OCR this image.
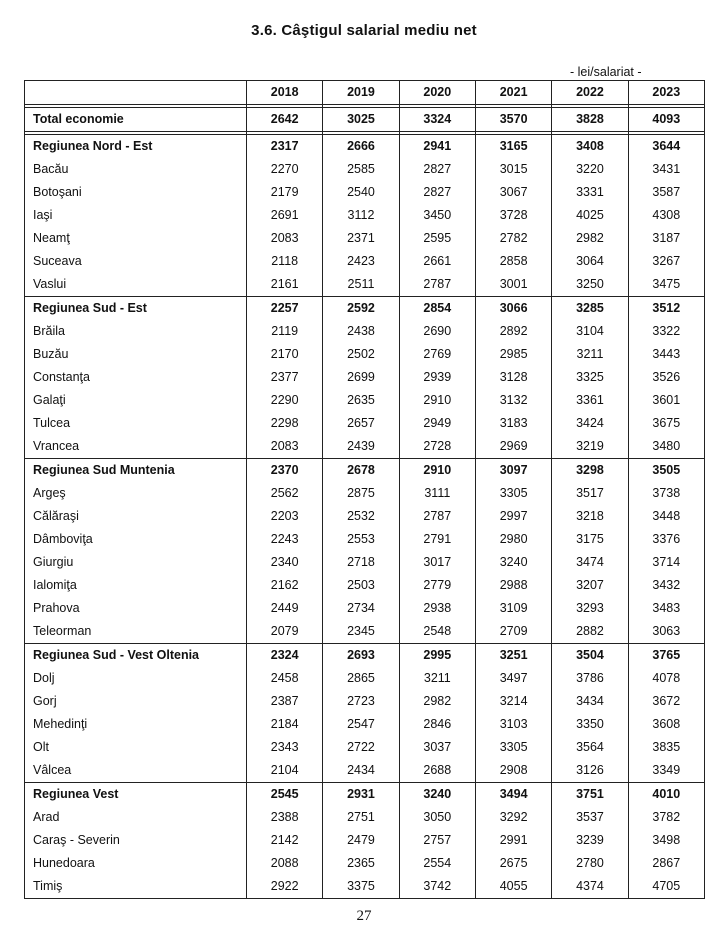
3.6. Câştigul salarial mediu net
- lei/salariat -
	2018	2019	2020	2021	2022	2023

Total economie	2642	3025	3324	3570	3828	4093

Regiunea Nord - Est	2317	2666	2941	3165	3408	3644
Bacău	2270	2585	2827	3015	3220	3431
Botoşani	2179	2540	2827	3067	3331	3587
Iaşi	2691	3112	3450	3728	4025	4308
Neamţ	2083	2371	2595	2782	2982	3187
Suceava	2118	2423	2661	2858	3064	3267
Vaslui	2161	2511	2787	3001	3250	3475
Regiunea Sud - Est	2257	2592	2854	3066	3285	3512
Brăila	2119	2438	2690	2892	3104	3322
Buzău	2170	2502	2769	2985	3211	3443
Constanţa	2377	2699	2939	3128	3325	3526
Galaţi	2290	2635	2910	3132	3361	3601
Tulcea	2298	2657	2949	3183	3424	3675
Vrancea	2083	2439	2728	2969	3219	3480
Regiunea Sud Muntenia	2370	2678	2910	3097	3298	3505
Argeş	2562	2875	3111	3305	3517	3738
Călăraşi	2203	2532	2787	2997	3218	3448
Dâmboviţa	2243	2553	2791	2980	3175	3376
Giurgiu	2340	2718	3017	3240	3474	3714
Ialomiţa	2162	2503	2779	2988	3207	3432
Prahova	2449	2734	2938	3109	3293	3483
Teleorman	2079	2345	2548	2709	2882	3063
Regiunea Sud - Vest Oltenia	2324	2693	2995	3251	3504	3765
Dolj	2458	2865	3211	3497	3786	4078
Gorj	2387	2723	2982	3214	3434	3672
Mehedinţi	2184	2547	2846	3103	3350	3608
Olt	2343	2722	3037	3305	3564	3835
Vâlcea	2104	2434	2688	2908	3126	3349
Regiunea Vest	2545	2931	3240	3494	3751	4010
Arad	2388	2751	3050	3292	3537	3782
Caraş - Severin	2142	2479	2757	2991	3239	3498
Hunedoara	2088	2365	2554	2675	2780	2867
Timiş	2922	3375	3742	4055	4374	4705
27
